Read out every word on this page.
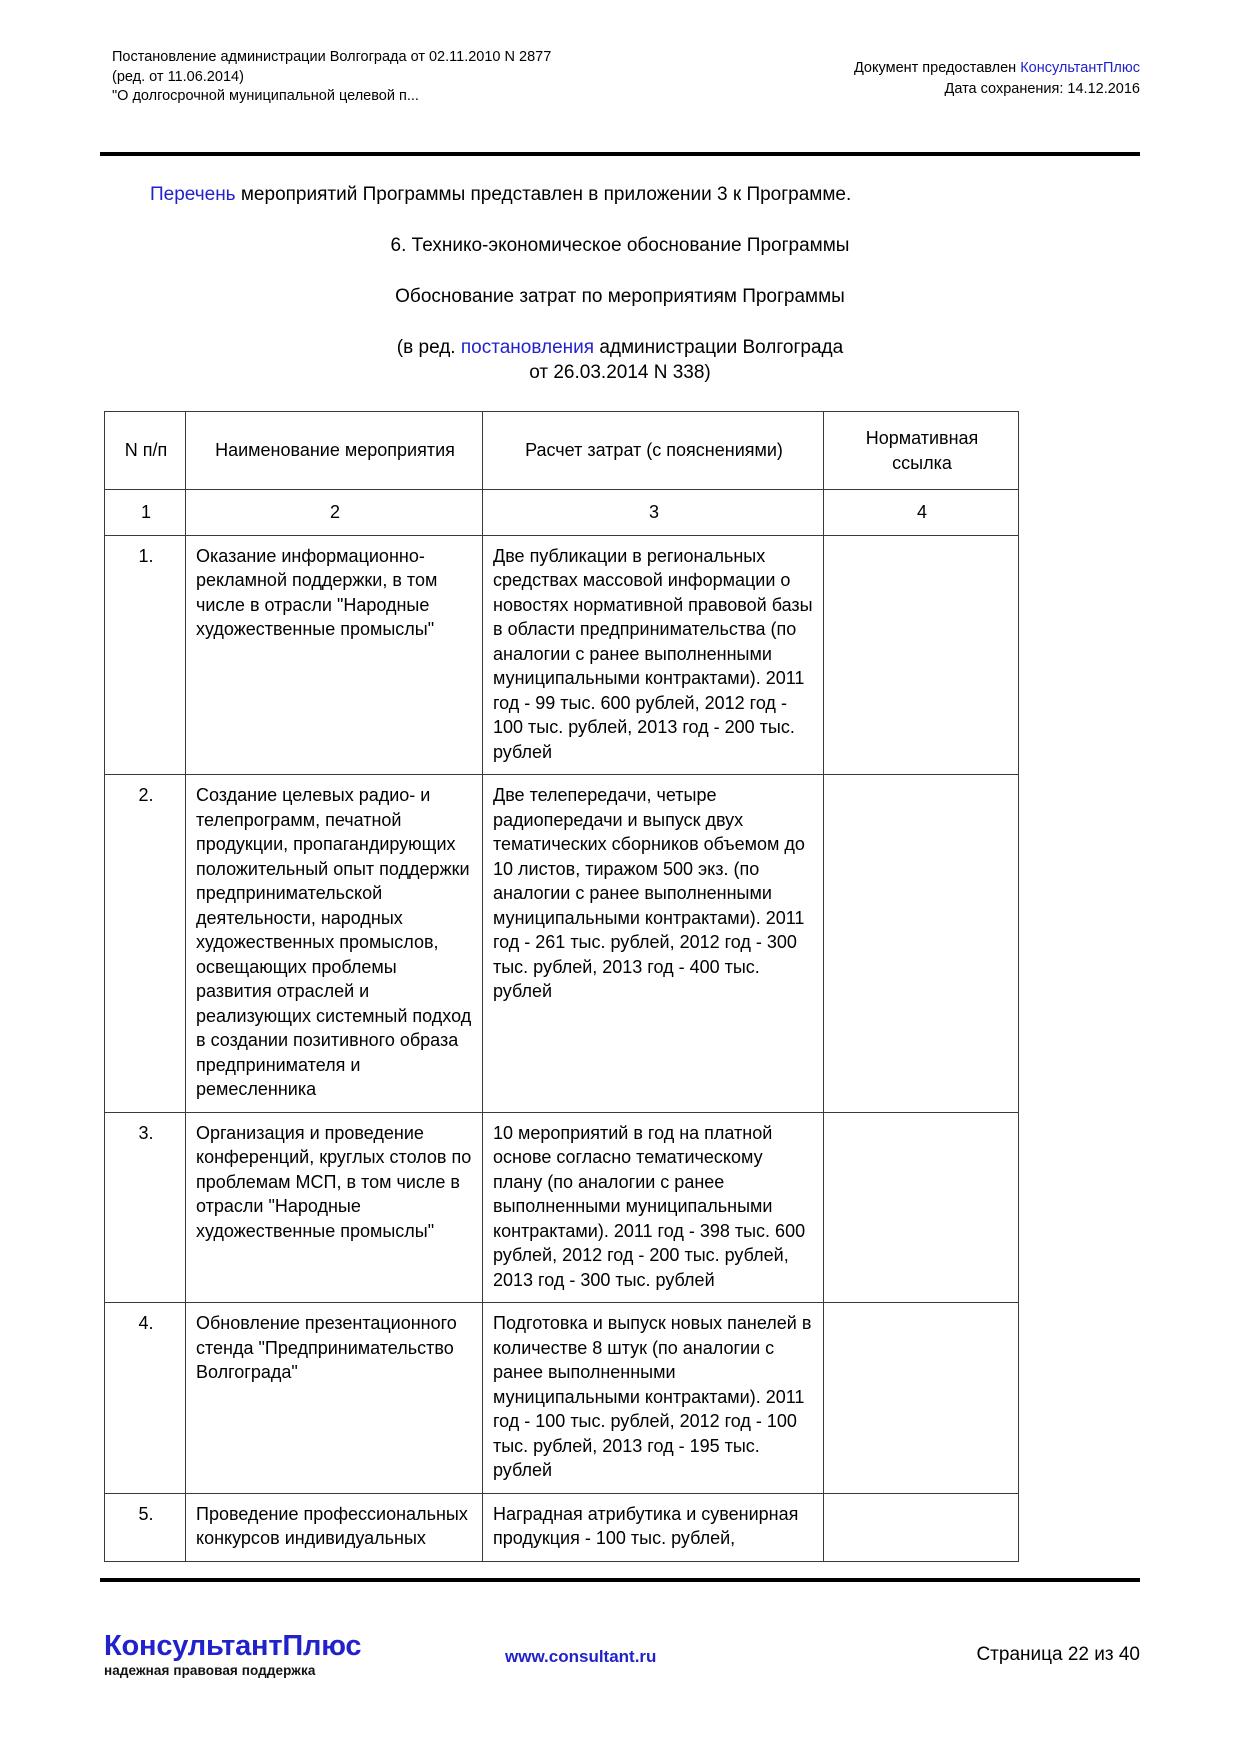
Постановление администрации Волгограда от 02.11.2010 N 2877
(ред. от 11.06.2014)
"О долгосрочной муниципальной целевой п...
Документ предоставлен КонсультантПлюс
Дата сохранения: 14.12.2016

Перечень мероприятий Программы представлен в приложении 3 к Программе.

6. Технико-экономическое обоснование Программы

Обоснование затрат по мероприятиям Программы

(в ред. постановления администрации Волгограда
от 26.03.2014 N 338)

N п/п	Наименование мероприятия	Расчет затрат (с пояснениями)	Нормативная ссылка
1	2	3	4
1.	Оказание информационно-рекламной поддержки, в том числе в отрасли "Народные художественные промыслы"	Две публикации в региональных средствах массовой информации о новостях нормативной правовой базы в области предпринимательства (по аналогии с ранее выполненными муниципальными контрактами). 2011 год - 99 тыс. 600 рублей, 2012 год - 100 тыс. рублей, 2013 год - 200 тыс. рублей	
2.	Создание целевых радио- и телепрограмм, печатной продукции, пропагандирующих положительный опыт поддержки предпринимательской деятельности, народных художественных промыслов, освещающих проблемы развития отраслей и реализующих системный подход в создании позитивного образа предпринимателя и ремесленника	Две телепередачи, четыре радиопередачи и выпуск двух тематических сборников объемом до 10 листов, тиражом 500 экз. (по аналогии с ранее выполненными муниципальными контрактами). 2011 год - 261 тыс. рублей, 2012 год - 300 тыс. рублей, 2013 год - 400 тыс. рублей	
3.	Организация и проведение конференций, круглых столов по проблемам МСП, в том числе в отрасли "Народные художественные промыслы"	10 мероприятий в год на платной основе согласно тематическому плану (по аналогии с ранее выполненными муниципальными контрактами). 2011 год - 398 тыс. 600 рублей, 2012 год - 200 тыс. рублей, 2013 год - 300 тыс. рублей	
4.	Обновление презентационного стенда "Предпринимательство Волгограда"	Подготовка и выпуск новых панелей в количестве 8 штук (по аналогии с ранее выполненными муниципальными контрактами). 2011 год - 100 тыс. рублей, 2012 год - 100 тыс. рублей, 2013 год - 195 тыс. рублей	
5.	Проведение профессиональных конкурсов индивидуальных	Наградная атрибутика и сувенирная продукция - 100 тыс. рублей,	
КонсультантПлюс
надежная правовая поддержка
www.consultant.ru	Страница 22 из 40
